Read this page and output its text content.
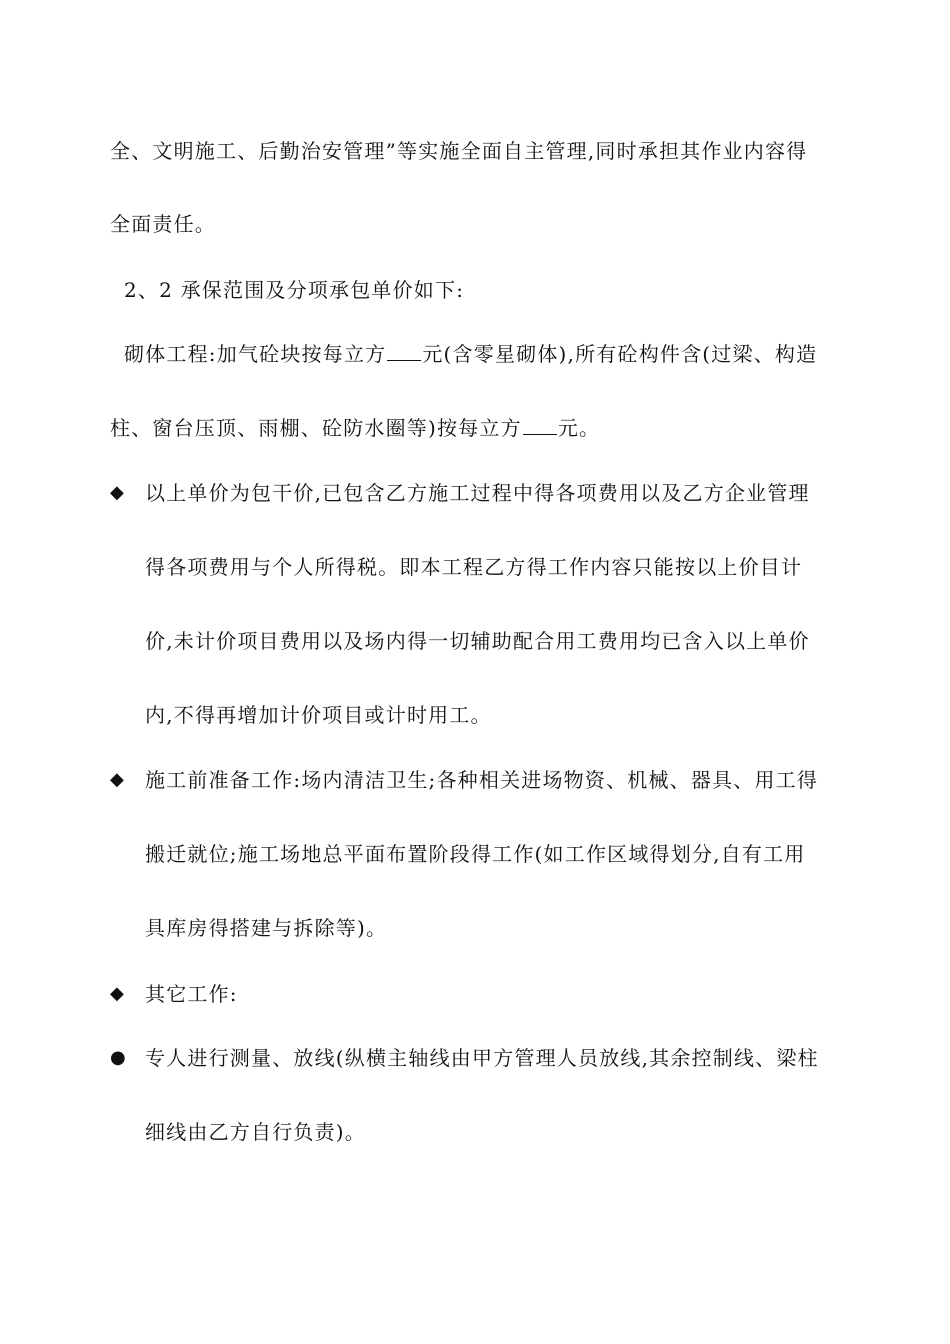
全、文明施工、后勤治安管理”等实施全面自主管理,同时承担其作业内容得
全面责任。
2、2 承保范围及分项承包单价如下:
砌体工程:加气砼块按每立方 元(含零星砌体),所有砼构件含(过梁、构造
柱、窗台压顶、雨棚、砼防水圈等)按每立方 元。
◆ 以上单价为包干价,已包含乙方施工过程中得各项费用以及乙方企业管理
得各项费用与个人所得税。即本工程乙方得工作内容只能按以上价目计
价,未计价项目费用以及场内得一切辅助配合用工费用均已含入以上单价
内,不得再增加计价项目或计时用工。
◆ 施工前准备工作:场内清洁卫生;各种相关进场物资、机械、器具、用工得
搬迁就位;施工场地总平面布置阶段得工作(如工作区域得划分,自有工用
具库房得搭建与拆除等)。
◆ 其它工作:
● 专人进行测量、放线(纵横主轴线由甲方管理人员放线,其余控制线、梁柱
细线由乙方自行负责)。
